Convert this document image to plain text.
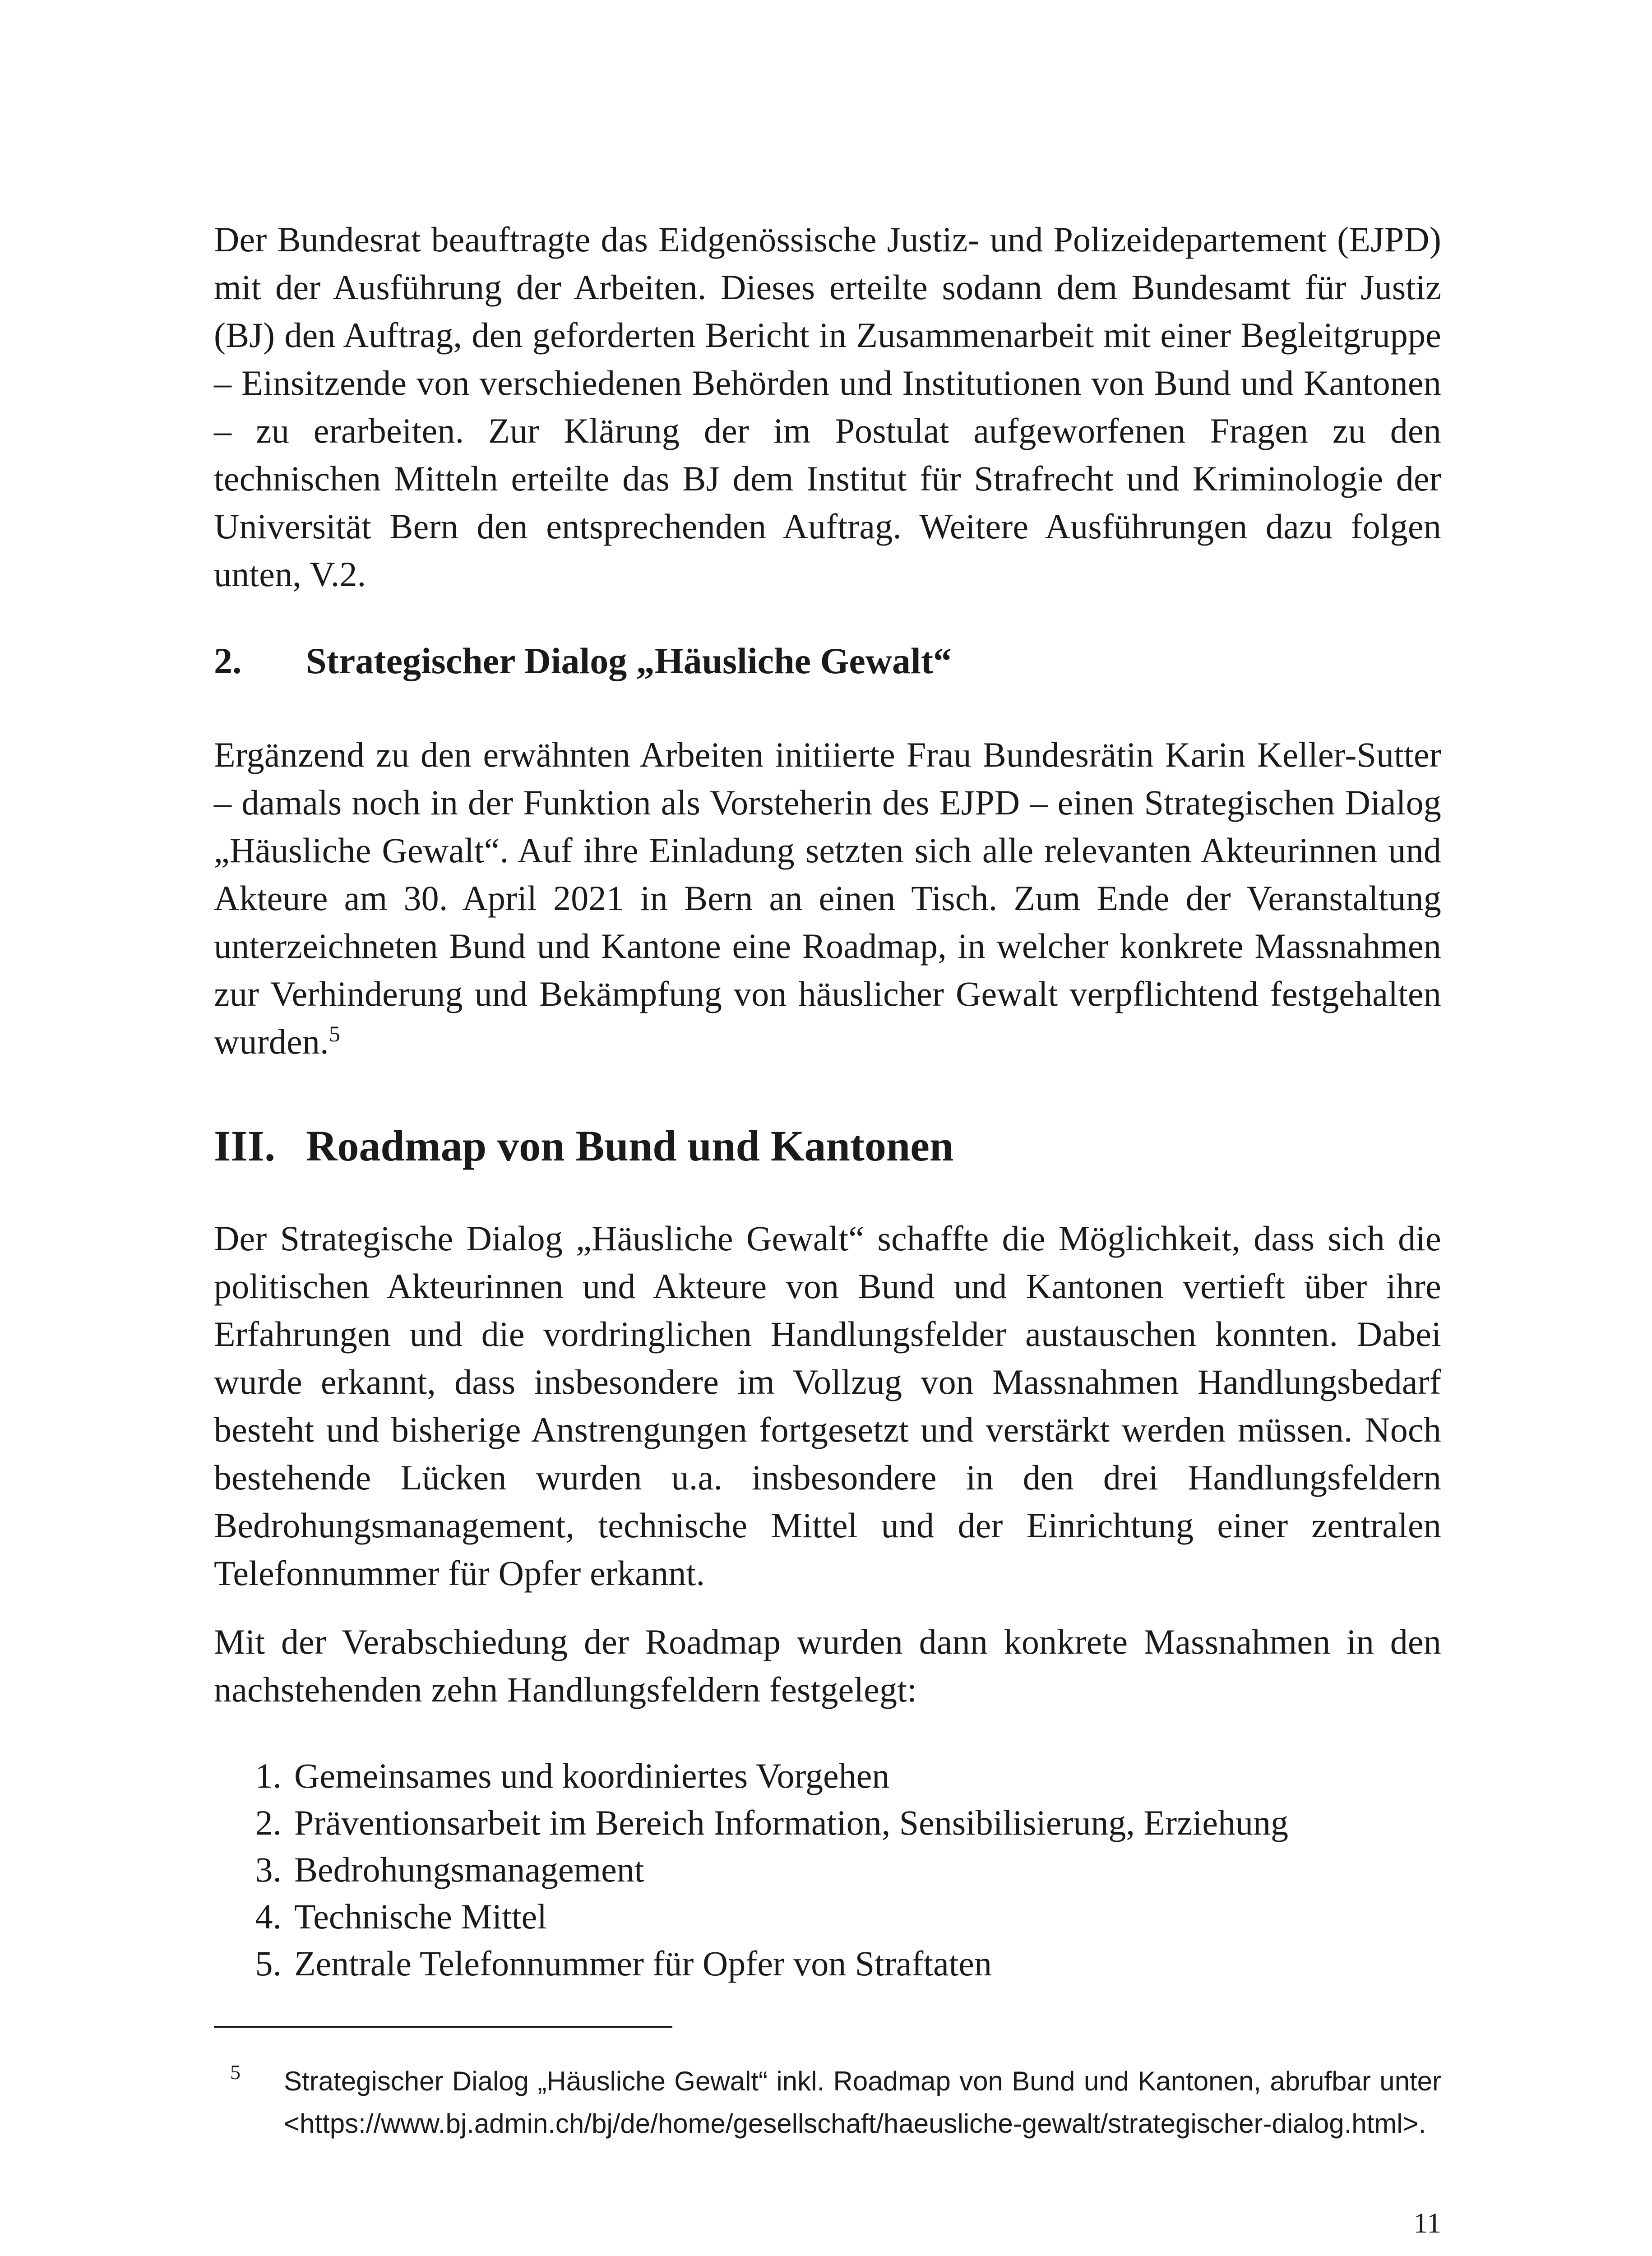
Der Bundesrat beauftragte das Eidgenössische Justiz- und Polizeidepartement (EJPD) mit der Ausführung der Arbeiten. Dieses erteilte sodann dem Bundesamt für Justiz (BJ) den Auftrag, den geforderten Bericht in Zusammenarbeit mit einer Begleitgruppe – Einsitzende von verschiedenen Behörden und Institutionen von Bund und Kantonen – zu erarbeiten. Zur Klärung der im Postulat aufgeworfenen Fragen zu den technischen Mitteln erteilte das BJ dem Institut für Strafrecht und Kriminologie der Universität Bern den entsprechenden Auftrag. Weitere Ausführungen dazu folgen unten, V.2.

2.	Strategischer Dialog „Häusliche Gewalt“

Ergänzend zu den erwähnten Arbeiten initiierte Frau Bundesrätin Karin Keller-Sutter – damals noch in der Funktion als Vorsteherin des EJPD – einen Strategischen Dialog „Häusliche Gewalt“. Auf ihre Einladung setzten sich alle relevanten Akteurinnen und Akteure am 30. April 2021 in Bern an einen Tisch. Zum Ende der Veranstaltung unterzeichneten Bund und Kantone eine Roadmap, in welcher konkrete Massnahmen zur Verhinderung und Bekämpfung von häuslicher Gewalt verpflichtend festgehalten wurden.$^5$

III. Roadmap von Bund und Kantonen

Der Strategische Dialog „Häusliche Gewalt“ schaffte die Möglichkeit, dass sich die politischen Akteurinnen und Akteure von Bund und Kantonen vertieft über ihre Erfahrungen und die vordringlichen Handlungsfelder austauschen konnten. Dabei wurde erkannt, dass insbesondere im Vollzug von Massnahmen Handlungsbedarf besteht und bisherige Anstrengungen fortgesetzt und verstärkt werden müssen. Noch bestehende Lücken wurden u.a. insbesondere in den drei Handlungsfeldern Bedrohungsmanagement, technische Mittel und der Einrichtung einer zentralen Telefonnummer für Opfer erkannt.

Mit der Verabschiedung der Roadmap wurden dann konkrete Massnahmen in den nachstehenden zehn Handlungsfeldern festgelegt:

1. Gemeinsames und koordiniertes Vorgehen
2. Präventionsarbeit im Bereich Information, Sensibilisierung, Erziehung
3. Bedrohungsmanagement
4. Technische Mittel
5. Zentrale Telefonnummer für Opfer von Straftaten
5	Strategischer Dialog „Häusliche Gewalt“ inkl. Roadmap von Bund und Kantonen, abrufbar unter <https://www.bj.admin.ch/bj/de/home/gesellschaft/haeusliche-gewalt/strategischer-dialog.html>.
11
